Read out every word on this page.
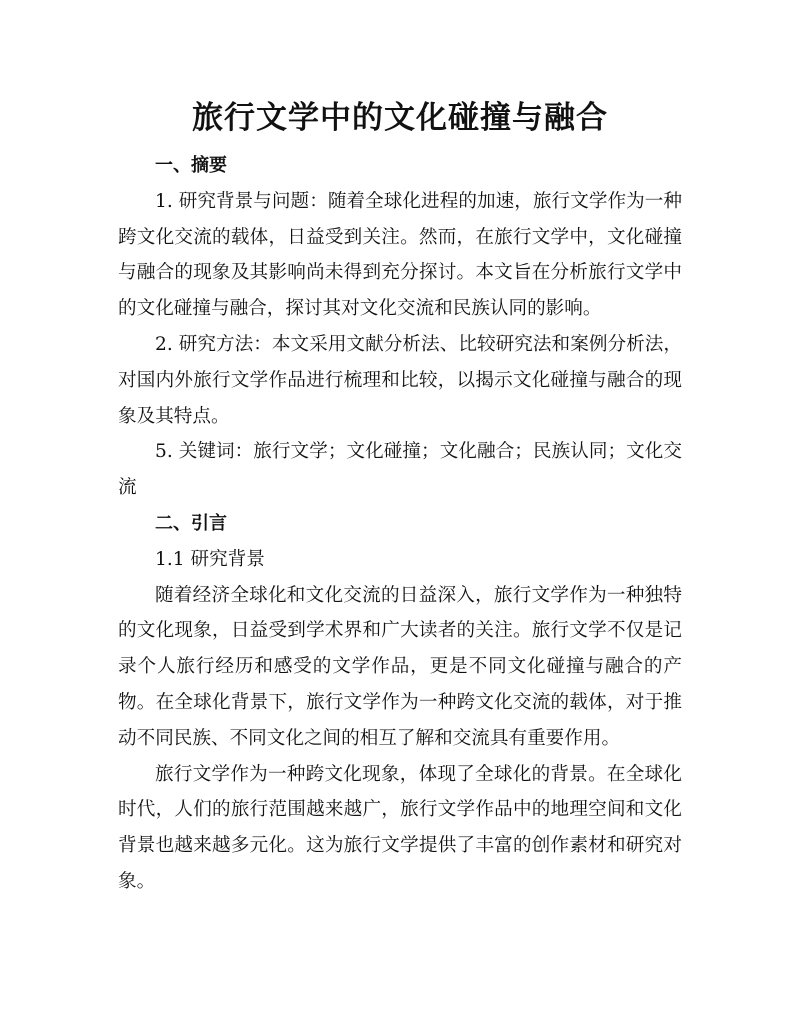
旅行文学中的文化碰撞与融合

一、摘要

1. 研究背景与问题：随着全球化进程的加速，旅行文学作为一种跨文化交流的载体，日益受到关注。然而，在旅行文学中，文化碰撞与融合的现象及其影响尚未得到充分探讨。本文旨在分析旅行文学中的文化碰撞与融合，探讨其对文化交流和民族认同的影响。

2. 研究方法：本文采用文献分析法、比较研究法和案例分析法，对国内外旅行文学作品进行梳理和比较，以揭示文化碰撞与融合的现象及其特点。

5. 关键词：旅行文学；文化碰撞；文化融合；民族认同；文化交流

二、引言

1.1 研究背景

随着经济全球化和文化交流的日益深入，旅行文学作为一种独特的文化现象，日益受到学术界和广大读者的关注。旅行文学不仅是记录个人旅行经历和感受的文学作品，更是不同文化碰撞与融合的产物。在全球化背景下，旅行文学作为一种跨文化交流的载体，对于推动不同民族、不同文化之间的相互了解和交流具有重要作用。

旅行文学作为一种跨文化现象，体现了全球化的背景。在全球化时代，人们的旅行范围越来越广，旅行文学作品中的地理空间和文化背景也越来越多元化。这为旅行文学提供了丰富的创作素材和研究对象。
